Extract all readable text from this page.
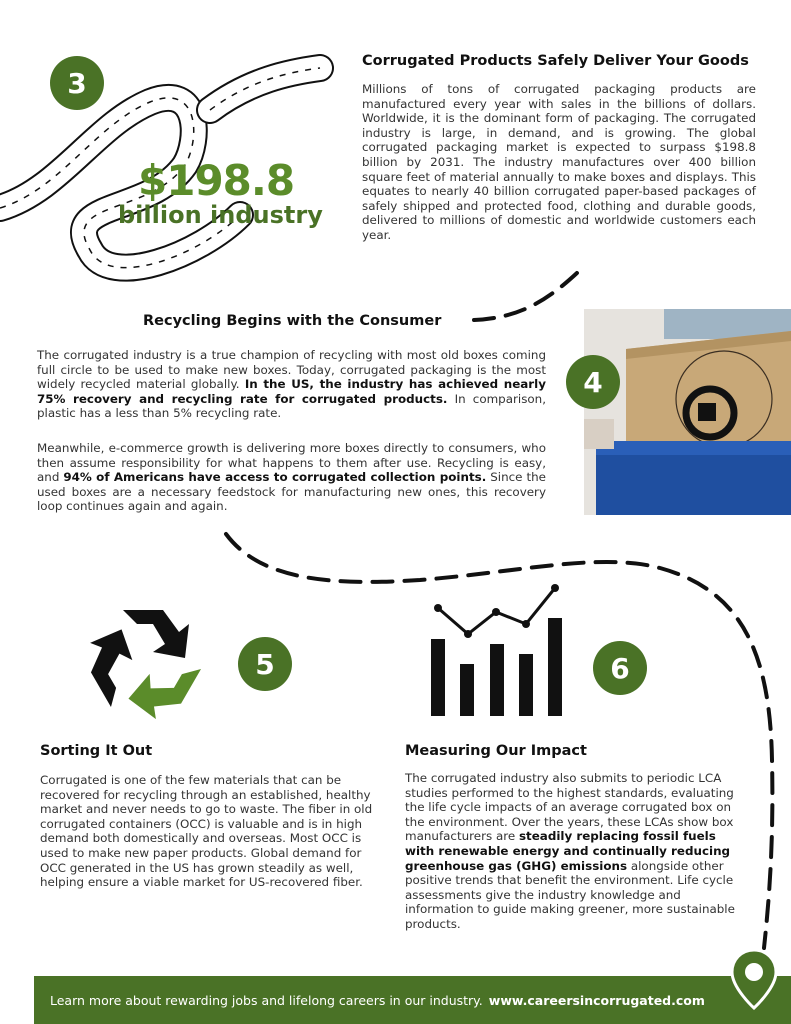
3
$198.8
billion industry
Corrugated Products Safely Deliver Your Goods
Millions of tons of corrugated packaging products are manufactured every year with sales in the billions of dollars. Worldwide, it is the dominant form of packaging. The corrugated industry is large, in demand, and is growing. The global corrugated packaging market is expected to surpass $198.8 billion by 2031. The industry manufactures over 400 billion square feet of material annually to make boxes and displays. This equates to nearly 40 billion corrugated paper-based packages of safely shipped and protected food, clothing and durable goods, delivered to millions of domestic and worldwide customers each year.
Recycling Begins with the Consumer
The corrugated industry is a true champion of recycling with most old boxes coming full circle to be used to make new boxes. Today, corrugated packaging is the most widely recycled material globally. In the US, the industry has achieved nearly 75% recovery and recycling rate for corrugated products. In comparison, plastic has a less than 5% recycling rate.
Meanwhile, e-commerce growth is delivering more boxes directly to consumers, who then assume responsibility for what happens to them after use. Recycling is easy, and 94% of Americans have access to corrugated collection points. Since the used boxes are a necessary feedstock for manufacturing new ones, this recovery loop continues again and again.
4
5
Sorting It Out
Corrugated is one of the few materials that can be recovered for recycling through an established, healthy market and never needs to go to waste. The fiber in old corrugated containers (OCC) is valuable and is in high demand both domestically and overseas. Most OCC is used to make new paper products. Global demand for OCC generated in the US has grown steadily as well, helping ensure a viable market for US-recovered fiber.
6
Measuring Our Impact
The corrugated industry also submits to periodic LCA studies performed to the highest standards, evaluating the life cycle impacts of an average corrugated box on the environment. Over the years, these LCAs show box manufacturers are steadily replacing fossil fuels with renewable energy and continually reducing greenhouse gas (GHG) emissions alongside other positive trends that benefit the environment. Life cycle assessments give the industry knowledge and information to guide making greener, more sustainable products.
Learn more about rewarding jobs and lifelong careers in our industry. www.careersincorrugated.com
